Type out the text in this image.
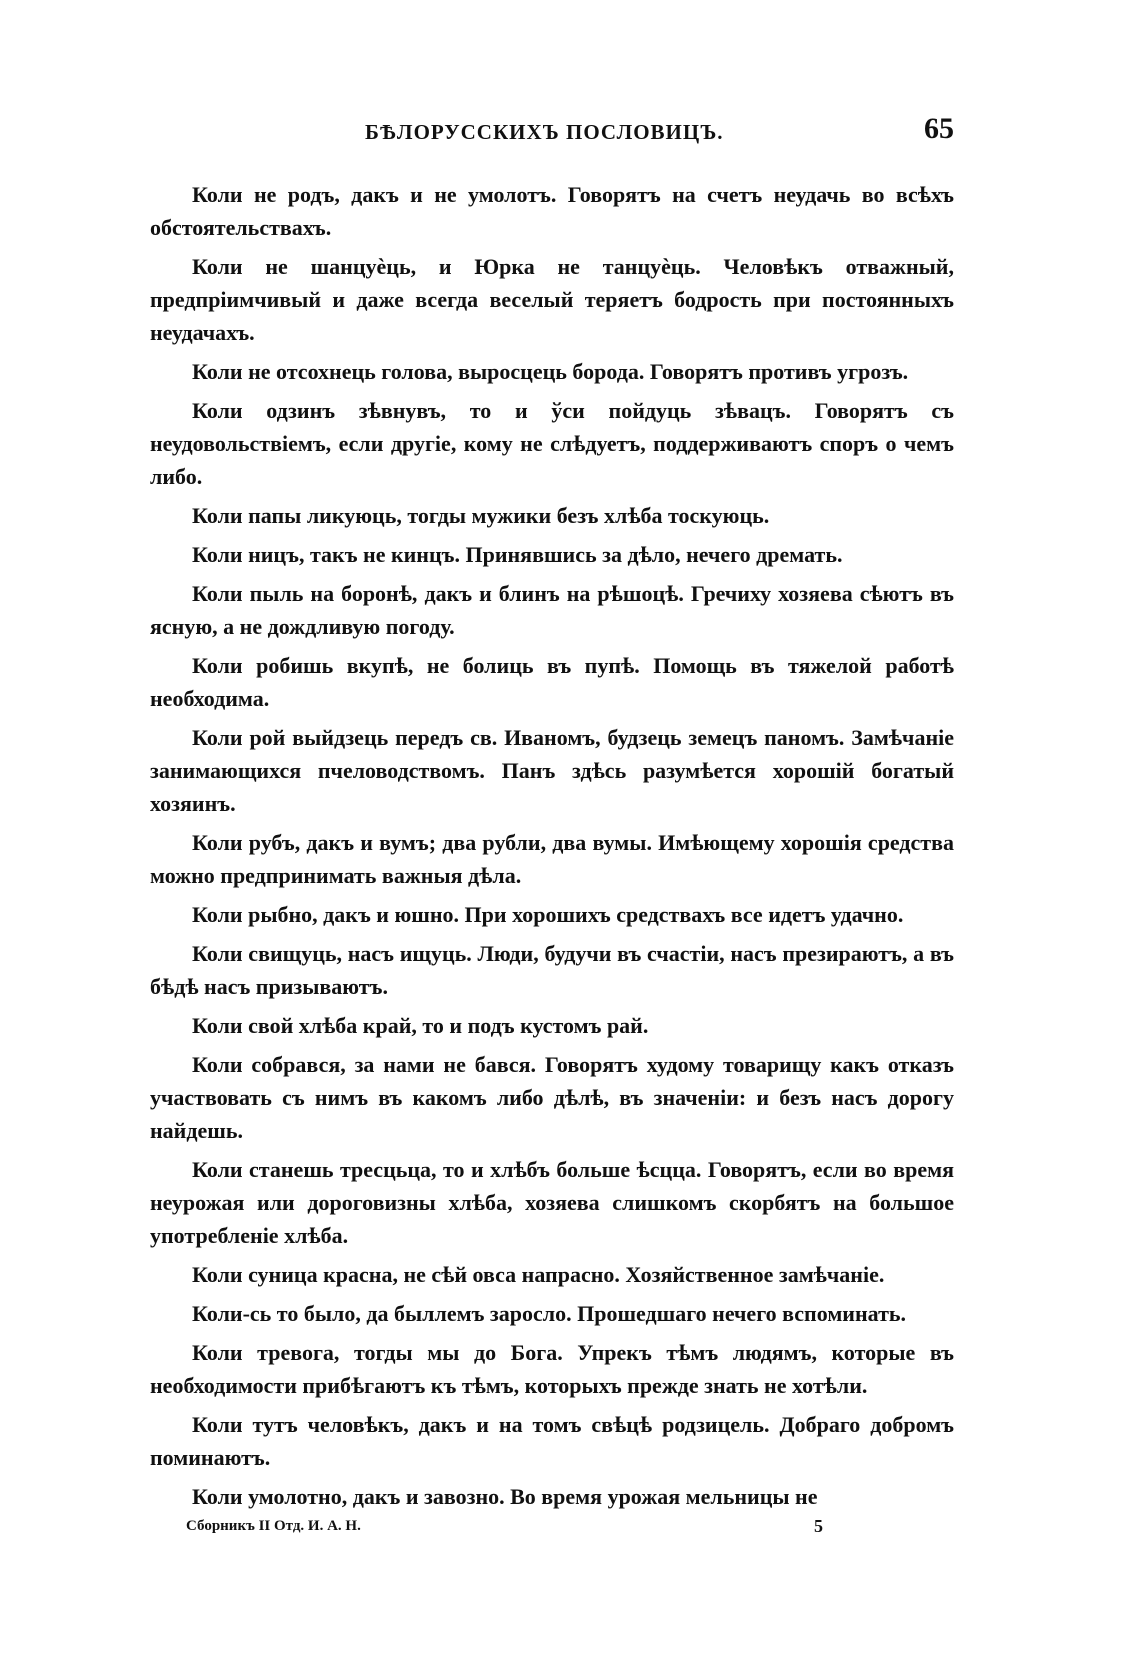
БѢЛОРУССКИХЪ ПОСЛОВИЦЪ.	65

Коли не родъ, дакъ и не умолотъ. Говорятъ на счетъ неудачь во всѣхъ обстоятельствахъ.

Коли не шанцуѐць, и Юрка не танцуѐць. Человѣкъ отважный, предпріимчивый и даже всегда веселый теряетъ бодрость при постоянныхъ неудачахъ.

Коли не отсохнець голова, выросцець борода. Говорятъ противъ угрозъ.

Коли одзинъ зѣвнувъ, то и ўси пойдуць зѣвацъ. Говорятъ съ неудовольствіемъ, если другіе, кому не слѣдуетъ, поддерживаютъ споръ о чемъ либо.

Коли папы ликуюць, тогды мужики безъ хлѣба тоскуюць.

Коли ницъ, такъ не кинцъ. Принявшись за дѣло, нечего дремать.

Коли пыль на боронѣ, дакъ и блинъ на рѣшоцѣ. Гречиху хозяева сѣютъ въ ясную, а не дождливую погоду.

Коли робишь вкупѣ, не болиць въ пупѣ. Помощь въ тяжелой работѣ необходима.

Коли рой выйдзець передъ св. Иваномъ, будзець земецъ паномъ. Замѣчаніе занимающихся пчеловодствомъ. Панъ здѣсь разумѣется хорошій богатый хозяинъ.

Коли рубъ, дакъ и вумъ; два рубли, два вумы. Имѣющему хорошія средства можно предпринимать важныя дѣла.

Коли рыбно, дакъ и юшно. При хорошихъ средствахъ все идетъ удачно.

Коли свищуць, насъ ищуць. Люди, будучи въ счастіи, насъ презираютъ, а въ бѣдѣ насъ призываютъ.

Коли свой хлѣба край, то и подъ кустомъ рай.

Коли собрався, за нами не бався. Говорятъ худому товарищу какъ отказъ участвовать съ нимъ въ какомъ либо дѣлѣ, въ значеніи: и безъ насъ дорогу найдешь.

Коли станешь тресцьца, то и хлѣбъ больше ѣсцца. Говорятъ, если во время неурожая или дороговизны хлѣба, хозяева слишкомъ скорбятъ на большое употребленіе хлѣба.

Коли суница красна, не сѣй овса напрасно. Хозяйственное замѣчаніе.

Коли-сь то было, да быллемъ заросло. Прошедшаго нечего вспоминать.

Коли тревога, тогды мы до Бога. Упрекъ тѣмъ людямъ, которые въ необходимости прибѣгаютъ къ тѣмъ, которыхъ прежде знать не хотѣли.

Коли тутъ человѣкъ, дакъ и на томъ свѣцѣ родзицель. Добраго добромъ поминаютъ.

Коли умолотно, дакъ и завозно. Во время урожая мельницы не

Сборникъ II Отд. И. А. Н.	5
